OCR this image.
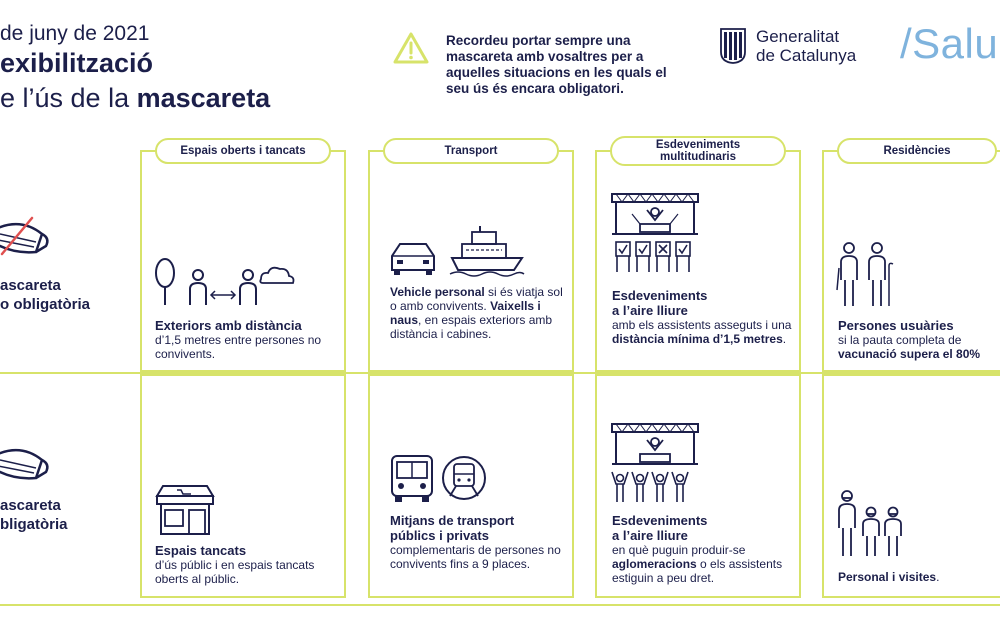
de juny de 2021
exibilització
e l’ús de la mascareta
Recordeu portar sempre una mascareta amb vosaltres per a aquelles situacions en les quals el seu ús és encara obligatori.
Generalitat
de Catalunya /Salu
ascareta
o obligatòria
ascareta
bligatòria
Espais oberts i tancats	Transport	Esdeveniments
multitudinaris	Residències
Exteriors amb distància
d’1,5 metres entre persones no convivents.
Vehicle personal si és viatja sol o amb convivents. Vaixells i naus, en espais exteriors amb distància i cabines.
Esdeveniments
a l’aire lliure
amb els assistents asseguts i una distància mínima d’1,5 metres.
Persones usuàries
si la pauta completa de vacunació supera el 80%
Espais tancats
d’ús públic i en espais tancats oberts al públic.
Mitjans de transport
públics i privats
complementaris de persones no convivents fins a 9 places.
Esdeveniments
a l’aire lliure
en què puguin produir-se aglomeracions o els assistents estiguin a peu dret.	Personal i visites.
